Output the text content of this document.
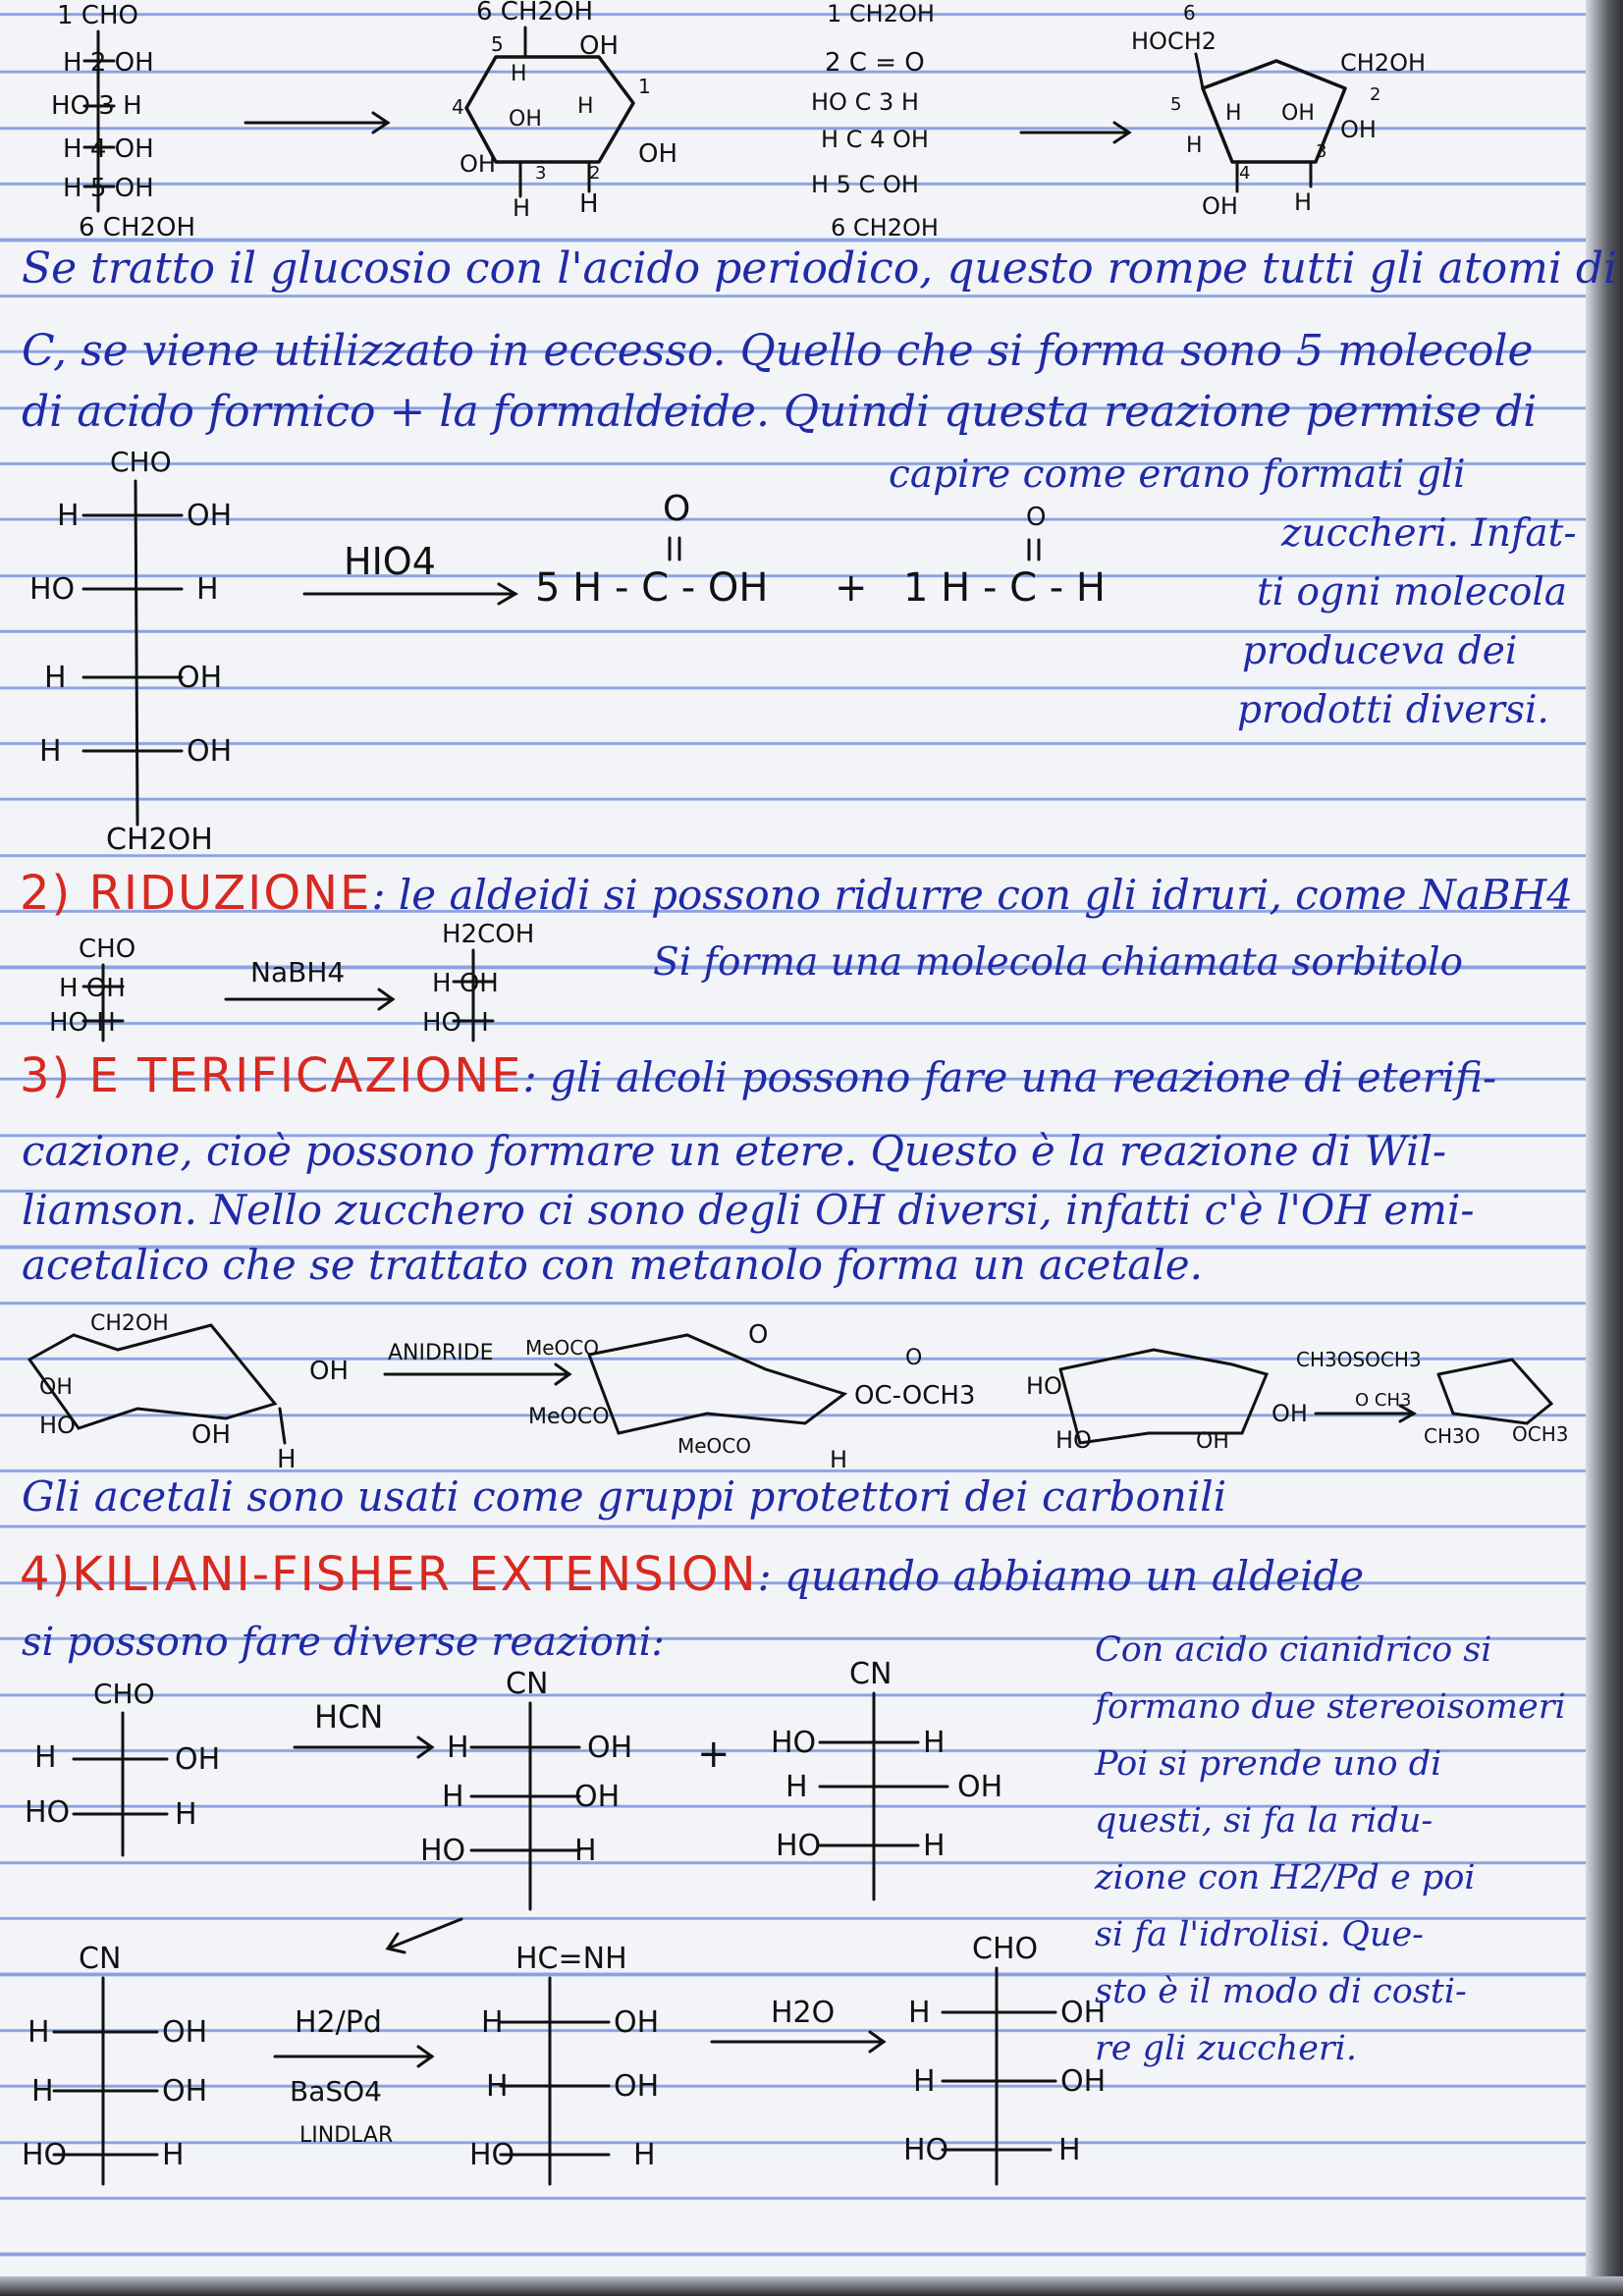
1 CHO
H 2 OH
HO 3 H
H 4 OH
H 5 OH
6 CH2OH
6 CH2OH
5
H
OH
4 OH
H
1
OH 3 2
OH
H H
1 CH2OH
2 C = O
HO C 3 H
H C 4 OH
H 5 C OH
6 CH2OH
HOCH2
6
CH2OH
2
5 H
H
OH
OH
4
3
OH H
CHO
H	OH
HO	H
H	OH
H	OH
CH2OH
HIO4
O
5 H - C - OH +
O
1 H - C - H
CHO
H OH
HO H
NaBH4
H2COH
H OH
HO H
CH2OH
OH
HO	OH
OH
H
ANIDRIDE MeOCO	O
O
OC-OCH3
MeOCO
MeOCO	H
HO
HO	OH
OH
CH3OSOCH3
O CH3
OCH3
CH3O
CHO
H	OH
HO	H
HCN
CN
H	OH
H	OH
HO	H
+
CN
HO	H
H	OH
HO	H
CN
H	OH
H	OH
HO	H
H2/Pd
BaSO4
LINDLAR
HC=NH
H	OH
H	OH
HO	H
H2O
CHO
H	OH
H	OH
HO	H

Se tratto il glucosio con l'acido periodico, questo rompe tutti gli atomi di

C, se viene utilizzato in eccesso. Quello che si forma sono 5 molecole

di acido formico + la formaldeide. Quindi questa reazione permise di

capire come erano formati gli
zuccheri. Infat-
ti ogni molecola
produceva dei
prodotti diversi.

2) RIDUZIONE: le aldeidi si possono ridurre con gli idruri, come NaBH4

Si forma una molecola chiamata sorbitolo

3) E TERIFICAZIONE: gli alcoli possono fare una reazione di eterifi-

cazione, cioè possono formare un etere. Questo è la reazione di Wil-

liamson. Nello zucchero ci sono degli OH diversi, infatti c'è l'OH emi-

acetalico che se trattato con metanolo forma un acetale.

Gli acetali sono usati come gruppi protettori dei carbonili

4)KILIANI-FISHER EXTENSION: quando abbiamo un aldeide

si possono fare diverse reazioni:	Con acido cianidrico si
formano due stereoisomeri
Poi si prende uno di
questi, si fa la ridu-
zione con H2/Pd e poi
si fa l'idrolisi. Que-
sto è il modo di costi-
re gli zuccheri.
